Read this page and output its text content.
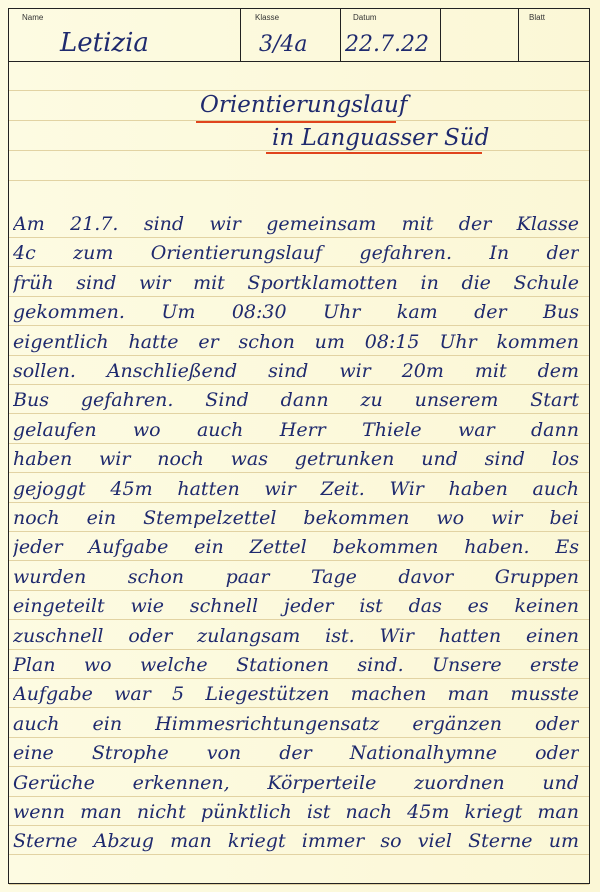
Name
Letizia
Klasse
3/4a
Datum
22.7.22
Blatt
Orientierungslauf
in Languasser Süd
Am 21.7. sind wir gemeinsam mit der Klasse
4c zum Orientierungslauf gefahren. In der
früh sind wir mit Sportklamotten in die Schule
gekommen. Um 08:30 Uhr kam der Bus
eigentlich hatte er schon um 08:15 Uhr kommen
sollen. Anschließend sind wir 20m mit dem
Bus gefahren. Sind dann zu unserem Start
gelaufen wo auch Herr Thiele war dann
haben wir noch was getrunken und sind los
gejoggt 45m hatten wir Zeit. Wir haben auch
noch ein Stempelzettel bekommen wo wir bei
jeder Aufgabe ein Zettel bekommen haben. Es
wurden schon paar Tage davor Gruppen
eingeteilt wie schnell jeder ist das es keinen
zuschnell oder zulangsam ist. Wir hatten einen
Plan wo welche Stationen sind. Unsere erste
Aufgabe war 5 Liegestützen machen man musste
auch ein Himmesrichtungensatz ergänzen oder
eine Strophe von der Nationalhymne oder
Gerüche erkennen, Körperteile zuordnen und
wenn man nicht pünktlich ist nach 45m kriegt man
Sterne Abzug man kriegt immer so viel Sterne um
